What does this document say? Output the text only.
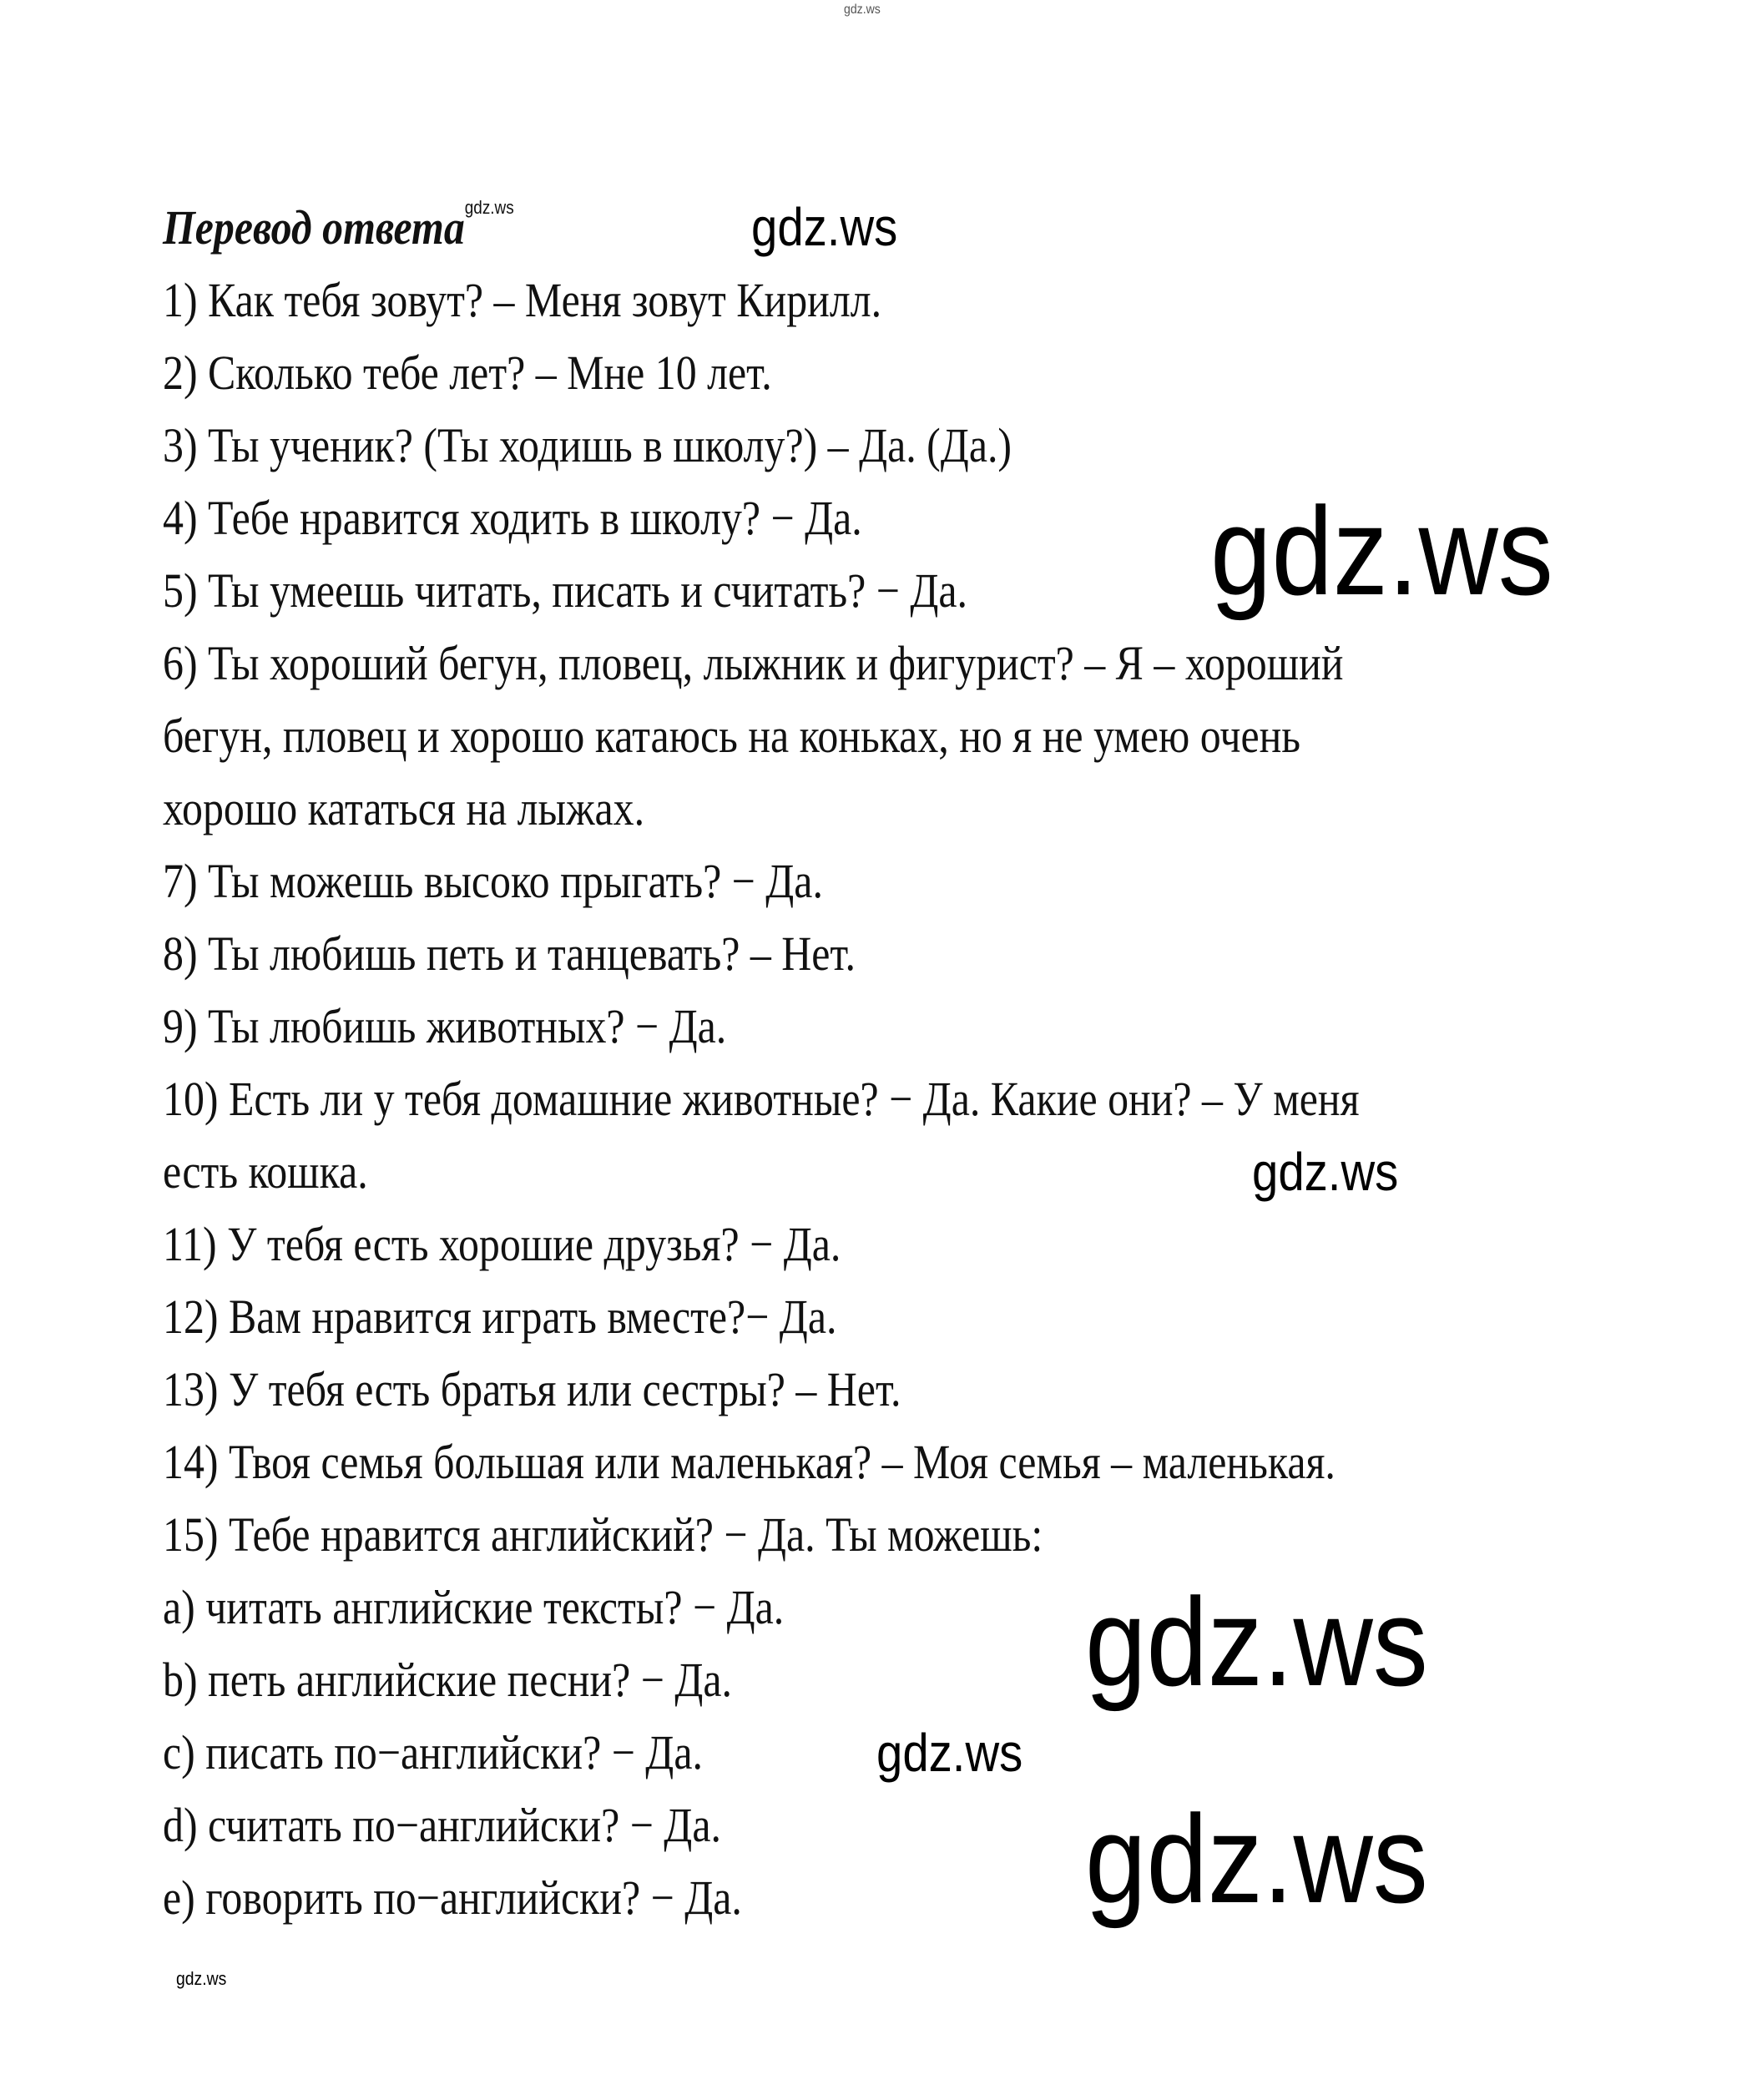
gdz.ws
Перевод ответа$^{gdz.ws}$
1) Как тебя зовут? – Меня зовут Кирилл.
2) Сколько тебе лет? – Мне 10 лет.
3) Ты ученик? (Ты ходишь в школу?) – Да. (Да.)
4) Тебе нравится ходить в школу? − Да.
5) Ты умеешь читать, писать и считать? − Да.
6) Ты хороший бегун, пловец, лыжник и фигурист? – Я – хороший
бегун, пловец и хорошо катаюсь на коньках, но я не умею очень
хорошо кататься на лыжах.
7) Ты можешь высоко прыгать? − Да.
8) Ты любишь петь и танцевать? – Нет.
9) Ты любишь животных? − Да.
10) Есть ли у тебя домашние животные? − Да. Какие они? – У меня
есть кошка.
11) У тебя есть хорошие друзья? − Да.
12) Вам нравится играть вместе?− Да.
13) У тебя есть братья или сестры? – Нет.
14) Твоя семья большая или маленькая? – Моя семья – маленькая.
15) Тебе нравится английский? − Да. Ты можешь:
a) читать английские тексты? − Да.
b) петь английские песни? − Да.
c) писать по−английски? − Да.
d) считать по−английски? − Да.
e) говорить по−английски? − Да.
gdz.ws
gdz.ws
gdz.ws
gdz.ws
gdz.ws
gdz.ws
gdz.ws
